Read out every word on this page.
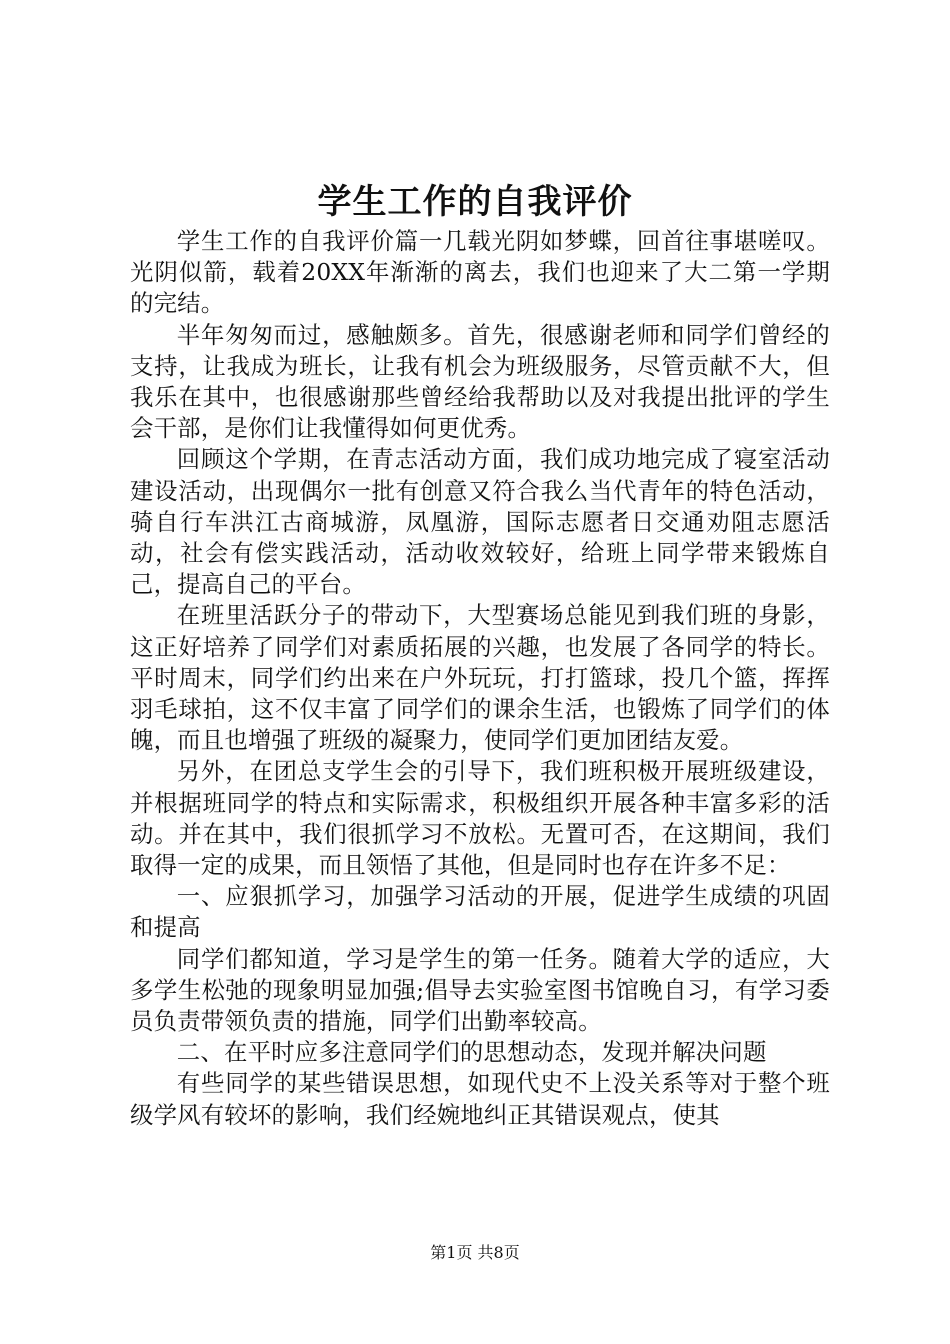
学生工作的自我评价

学生工作的自我评价篇一几载光阴如梦蝶，回首往事堪嗟叹。光阴似箭，载着20XX年渐渐的离去，我们也迎来了大二第一学期的完结。

半年匆匆而过，感触颇多。首先，很感谢老师和同学们曾经的支持，让我成为班长，让我有机会为班级服务，尽管贡献不大，但我乐在其中，也很感谢那些曾经给我帮助以及对我提出批评的学生会干部，是你们让我懂得如何更优秀。

回顾这个学期，在青志活动方面，我们成功地完成了寝室活动建设活动，出现偶尔一批有创意又符合我么当代青年的特色活动，骑自行车洪江古商城游，凤凰游，国际志愿者日交通劝阻志愿活动，社会有偿实践活动，活动收效较好，给班上同学带来锻炼自己，提高自己的平台。

在班里活跃分子的带动下，大型赛场总能见到我们班的身影，这正好培养了同学们对素质拓展的兴趣，也发展了各同学的特长。平时周末，同学们约出来在户外玩玩，打打篮球，投几个篮，挥挥羽毛球拍，这不仅丰富了同学们的课余生活，也锻炼了同学们的体魄，而且也增强了班级的凝聚力，使同学们更加团结友爱。

另外，在团总支学生会的引导下，我们班积极开展班级建设，并根据班同学的特点和实际需求，积极组织开展各种丰富多彩的活动。并在其中，我们很抓学习不放松。无置可否，在这期间，我们取得一定的成果，而且领悟了其他，但是同时也存在许多不足：

一、应狠抓学习，加强学习活动的开展，促进学生成绩的巩固和提高

同学们都知道，学习是学生的第一任务。随着大学的适应，大多学生松弛的现象明显加强;倡导去实验室图书馆晚自习，有学习委员负责带领负责的措施，同学们出勤率较高。

二、在平时应多注意同学们的思想动态，发现并解决问题

有些同学的某些错误思想，如现代史不上没关系等对于整个班级学风有较坏的影响，我们经婉地纠正其错误观点，使其

第1页 共8页
